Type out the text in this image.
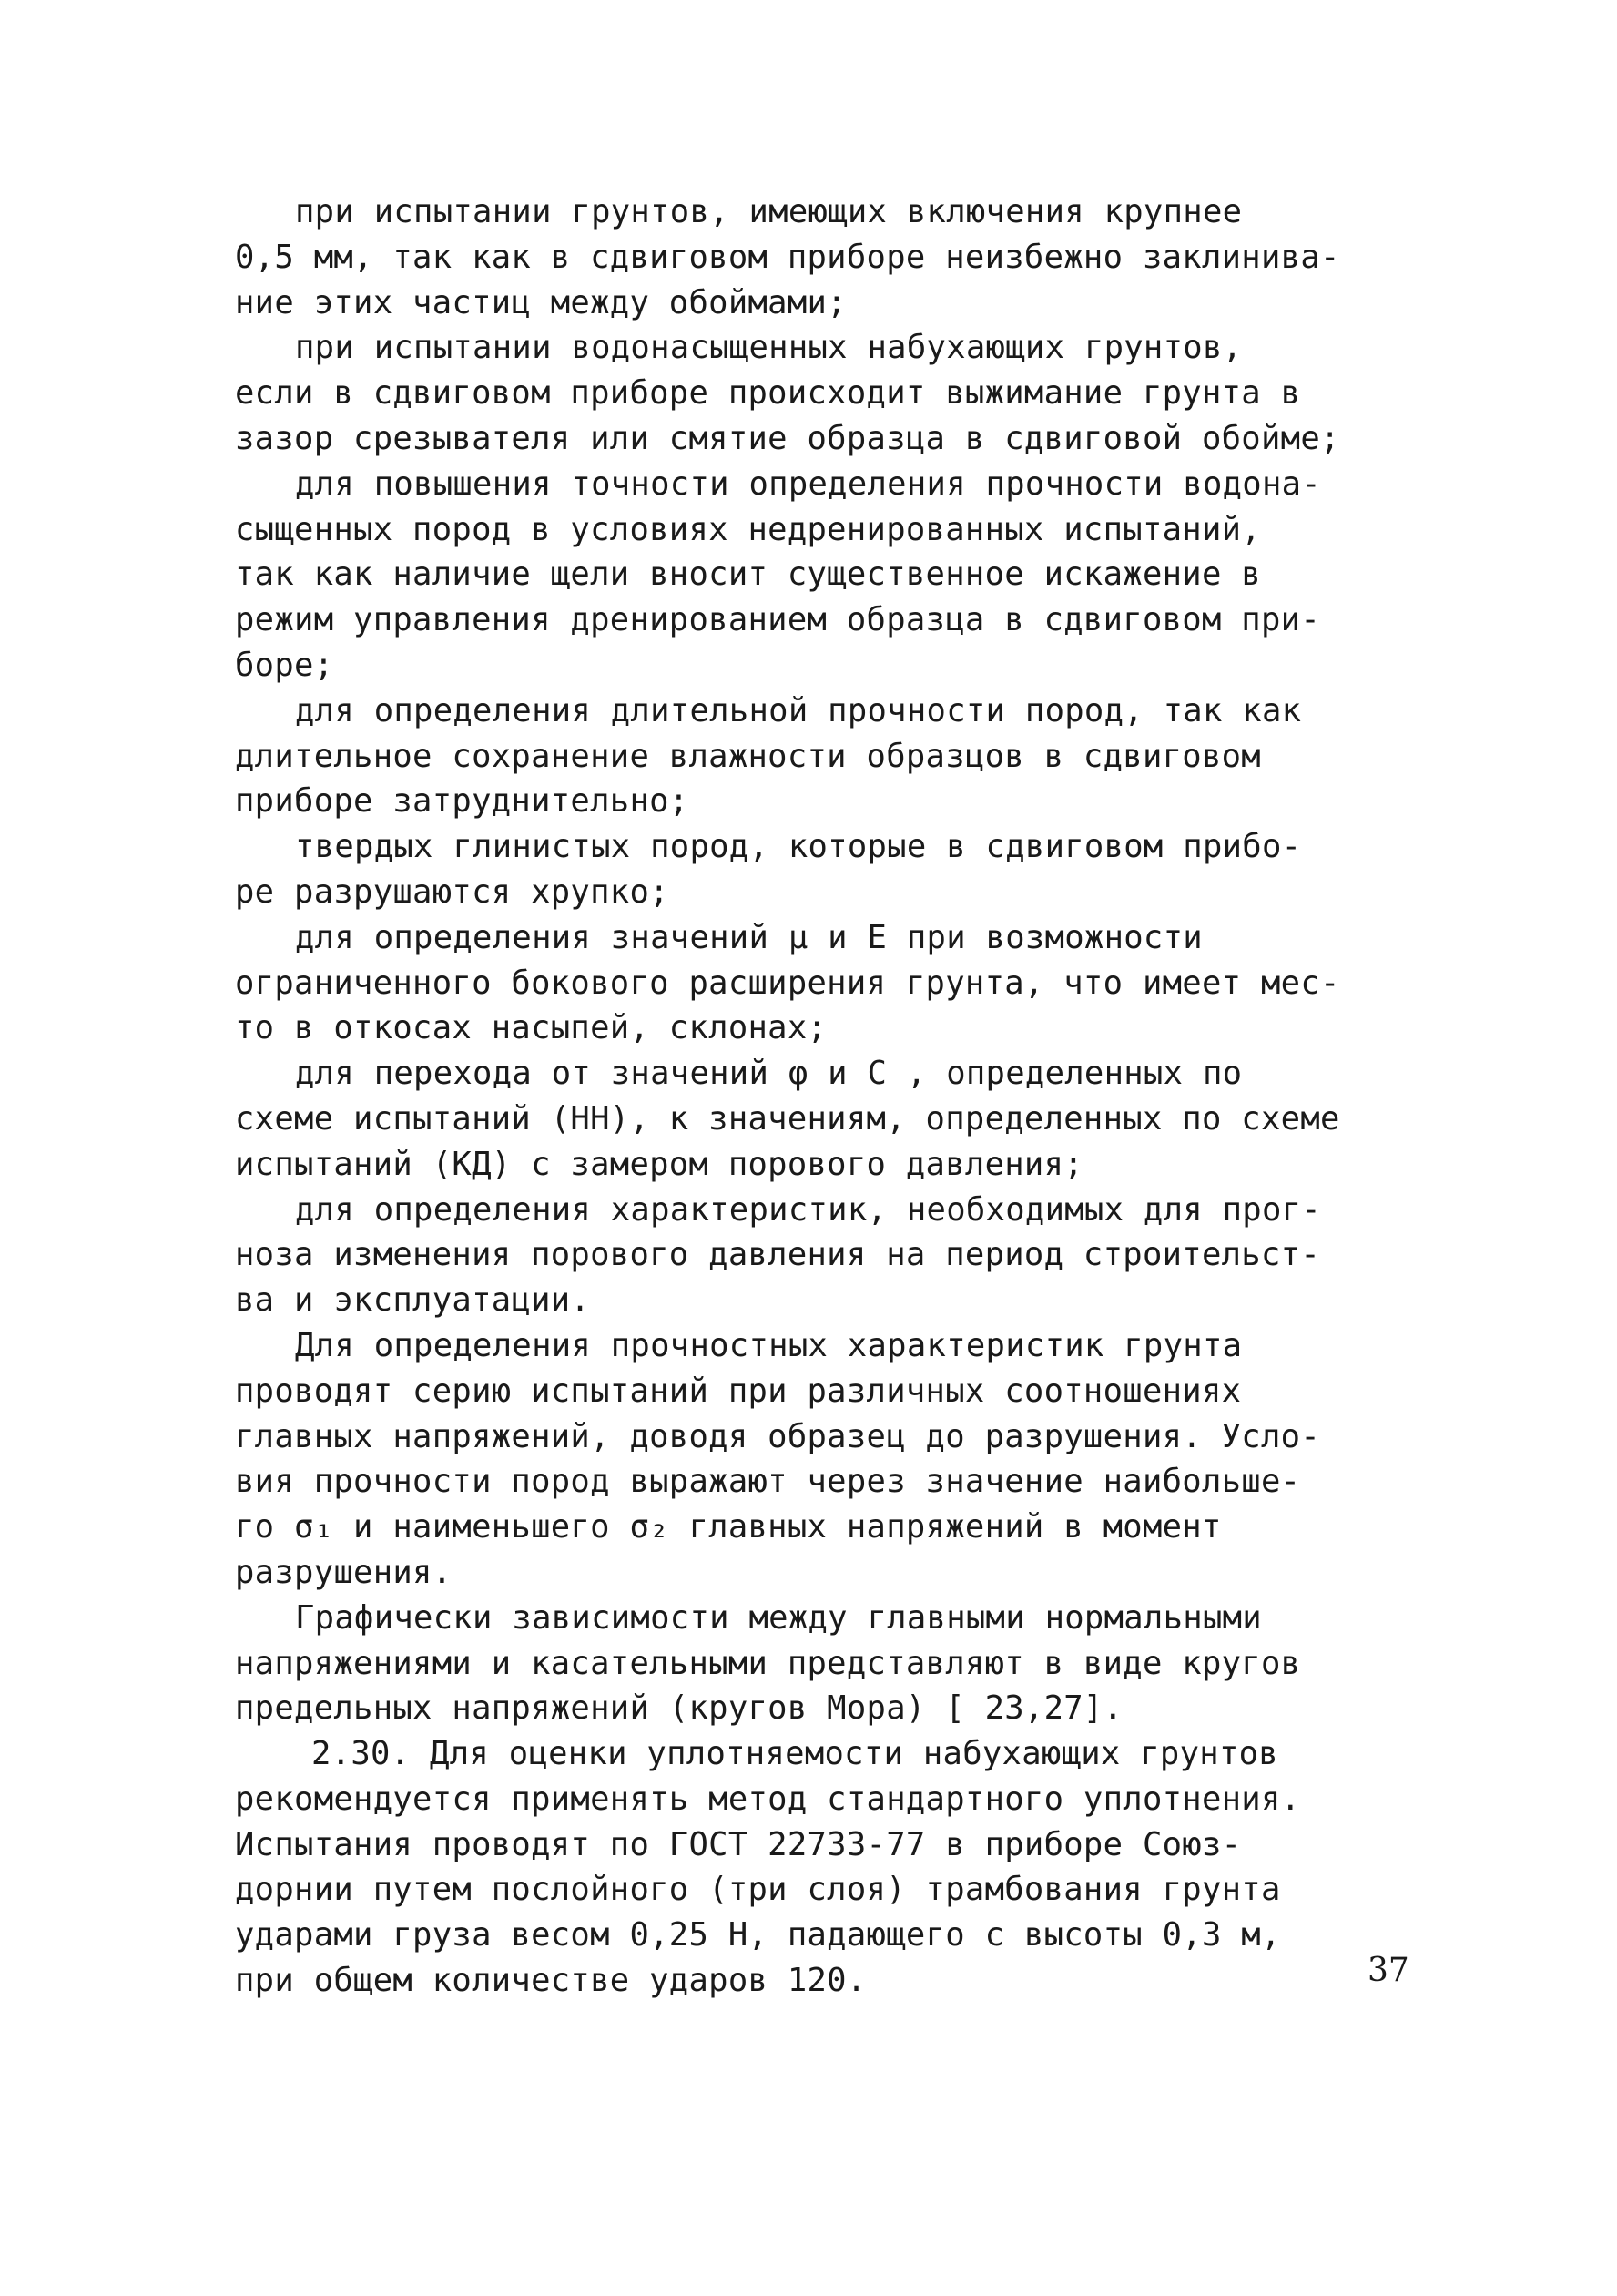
при испытании грунтов, имеющих включения крупнее
0,5 мм, так как в сдвиговом приборе неизбежно заклинива-
ние этих частиц между обоймами;
при испытании водонасыщенных набухающих грунтов,
если в сдвиговом приборе происходит выжимание грунта в
зазор срезывателя или смятие образца в сдвиговой обойме;
для повышения точности определения прочности водона-
сыщенных пород в условиях недренированных испытаний,
так как наличие щели вносит существенное искажение в
режим управления дренированием образца в сдвиговом при-
боре;
для определения длительной прочности пород, так как
длительное сохранение влажности образцов в сдвиговом
приборе затруднительно;
твердых глинистых пород, которые в сдвиговом прибо-
ре разрушаются хрупко;
для определения значений μ и E при возможности
ограниченного бокового расширения грунта, что имеет мес-
то в откосах насыпей, склонах;
для перехода от значений φ и C , определенных по
схеме испытаний (НН), к значениям, определенных по схеме
испытаний (КД) с замером порового давления;
для определения характеристик, необходимых для прог-
ноза изменения порового давления на период строительст-
ва и эксплуатации.
Для определения прочностных характеристик грунта
проводят серию испытаний при различных соотношениях
главных напряжений, доводя образец до разрушения. Усло-
вия прочности пород выражают через значение наибольше-
го σ₁ и наименьшего σ₂ главных напряжений в момент
разрушения.
Графически зависимости между главными нормальными
напряжениями и касательными представляют в виде кругов
предельных напряжений (кругов Мора) [ 23,27].
2.30. Для оценки уплотняемости набухающих грунтов
рекомендуется применять метод стандартного уплотнения.
Испытания проводят по ГОСТ 22733-77 в приборе Союз-
дорнии путем послойного (три слоя) трамбования грунта
ударами груза весом 0,25 Н, падающего с высоты 0,3 м,
при общем количестве ударов 120.	37
